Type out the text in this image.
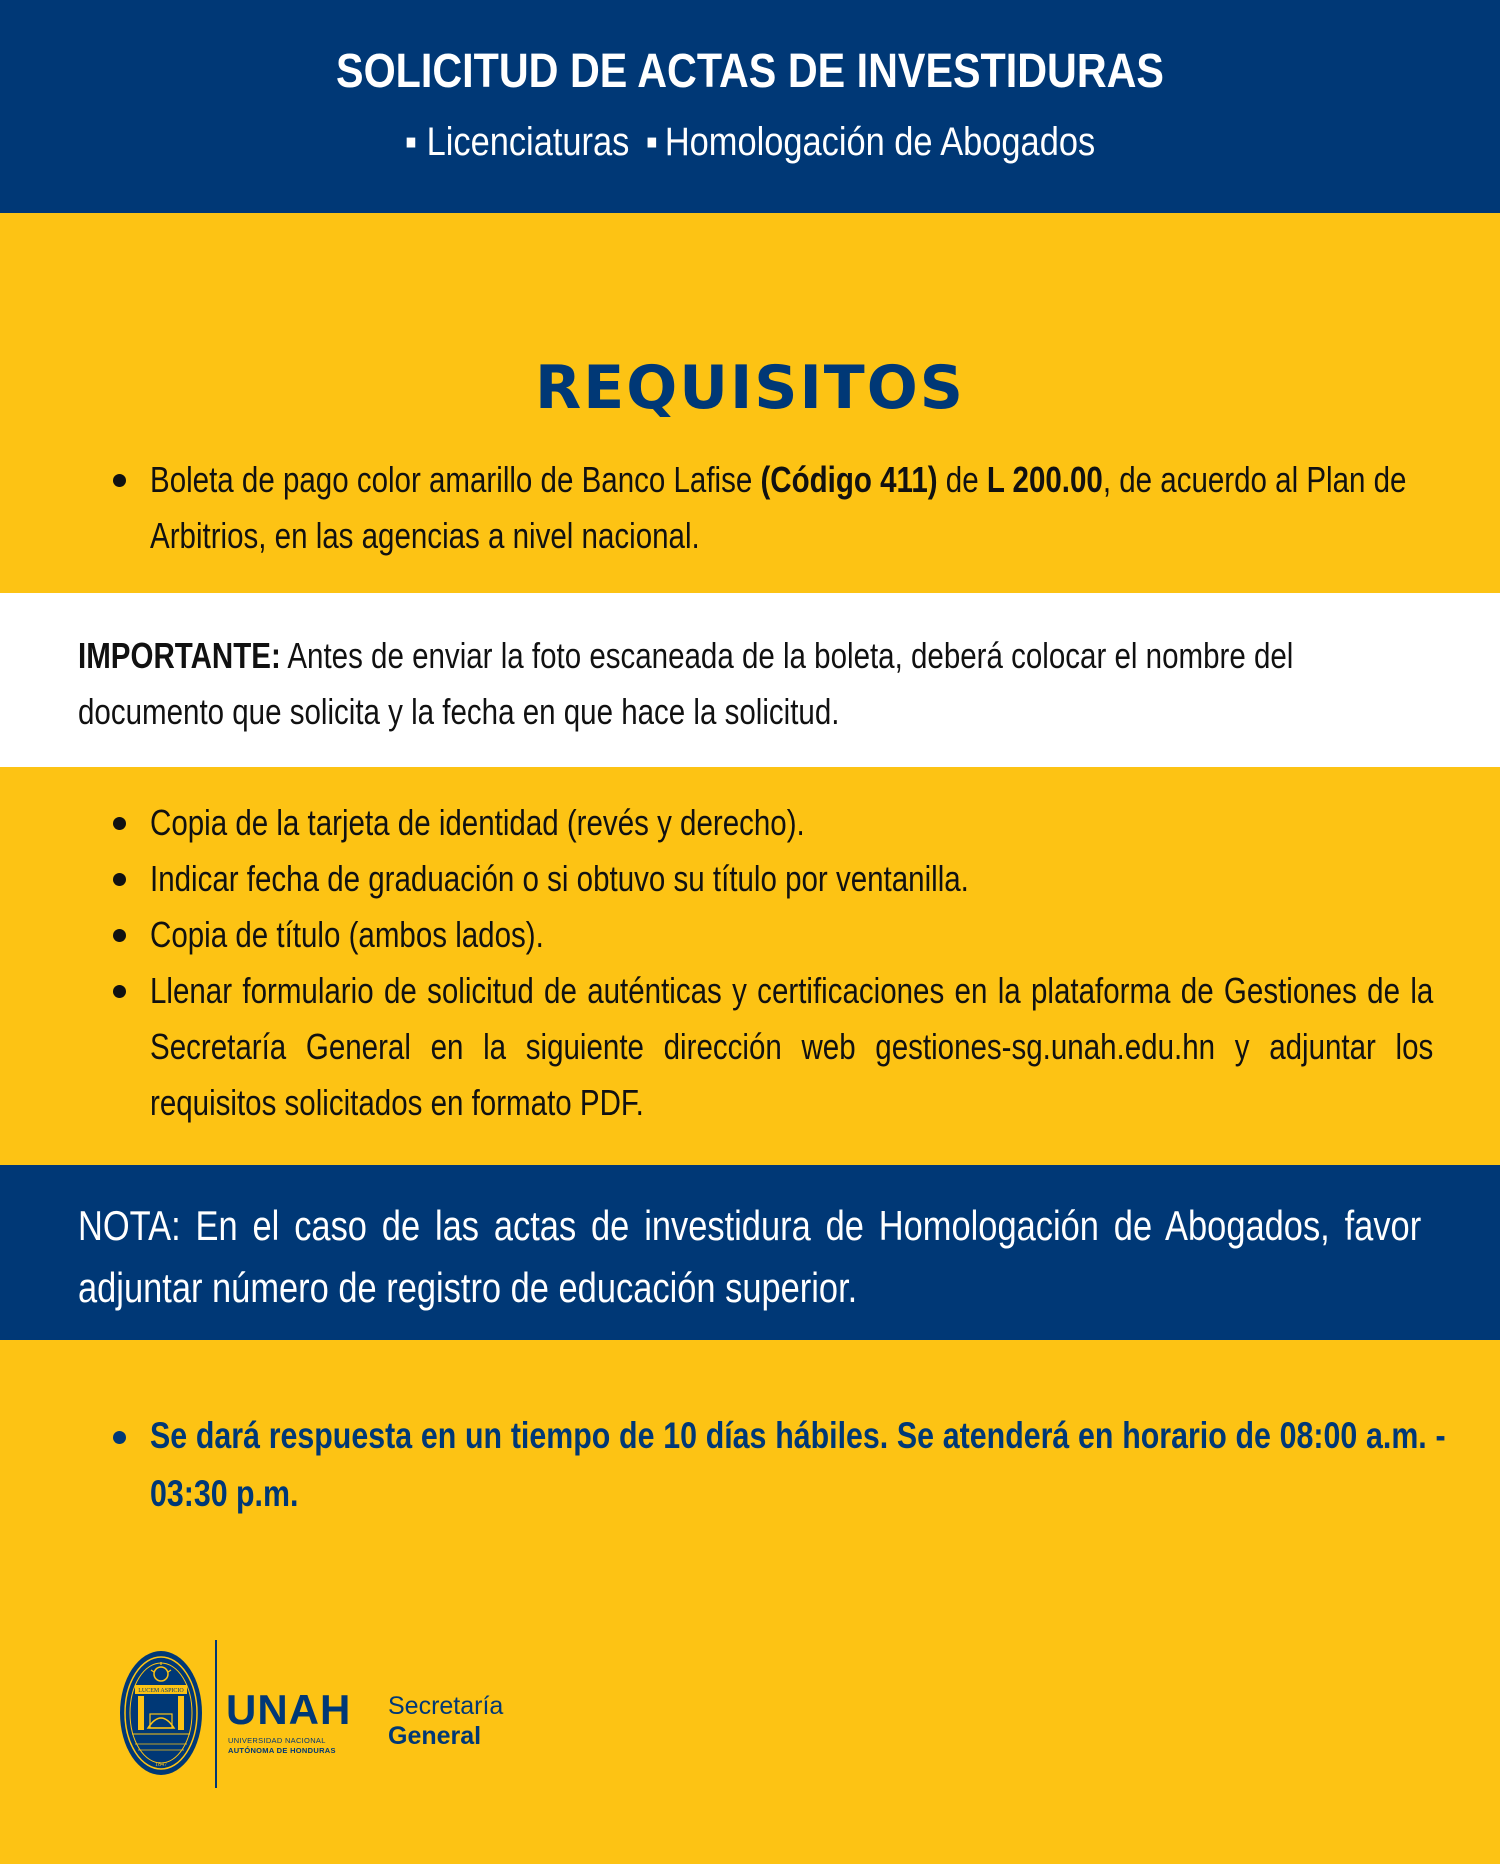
SOLICITUD DE ACTAS DE INVESTIDURAS
▪ Licenciaturas ▪ Homologación de Abogados
REQUISITOS
Boleta de pago color amarillo de Banco Lafise (Código 411) de L 200.00, de acuerdo al Plan de Arbitrios, en las agencias a nivel nacional.
IMPORTANTE: Antes de enviar la foto escaneada de la boleta, deberá colocar el nombre del documento que solicita y la fecha en que hace la solicitud.
Copia de la tarjeta de identidad (revés y derecho).
Indicar fecha de graduación o si obtuvo su título por ventanilla.
Copia de título (ambos lados).
Llenar formulario de solicitud de auténticas y certificaciones en la plataforma de Gestiones de la Secretaría General en la siguiente dirección web gestiones-sg.unah.edu.hn y adjuntar los requisitos solicitados en formato PDF.
NOTA: En el caso de las actas de investidura de Homologación de Abogados, favor adjuntar número de registro de educación superior.
Se dará respuesta en un tiempo de 10 días hábiles. Se atenderá en horario de 08:00 a.m. - 03:30 p.m.
LUCEM ASPICIO
1847
UNAH
UNIVERSIDAD NACIONAL
AUTÓNOMA DE HONDURAS
Secretaría
General
